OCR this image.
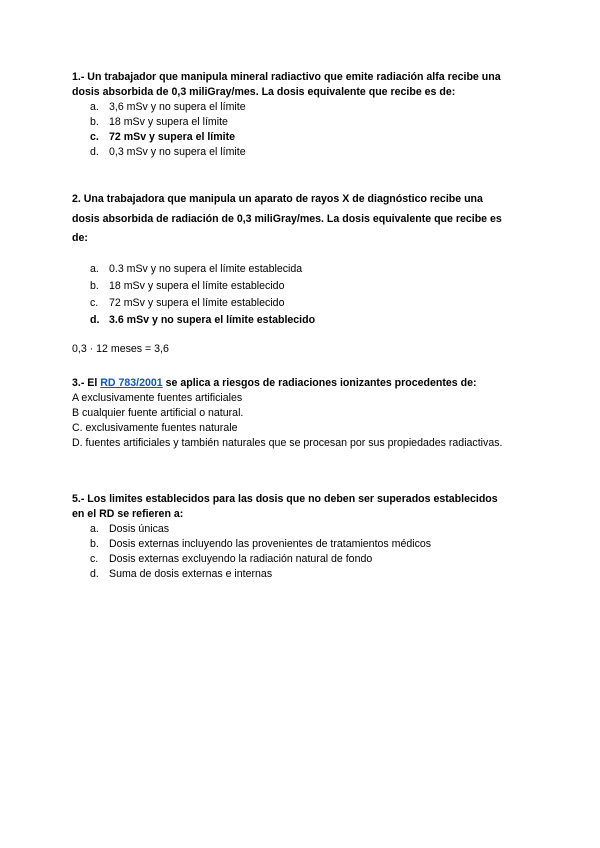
1.- Un trabajador que manipula mineral radiactivo que emite radiación alfa recibe una
dosis absorbida de 0,3 miliGray/mes. La dosis equivalente que recibe es de:

a. 3,6 mSv y no supera el límite
b. 18 mSv y supera el límite
c. 72 mSv y supera el límite
d. 0,3 mSv y no supera el límite

2. Una trabajadora que manipula un aparato de rayos X de diagnóstico recibe una
dosis absorbida de radiación de 0,3 miliGray/mes. La dosis equivalente que recibe es
de:

a. 0.3 mSv y no supera el límite establecida
b. 18 mSv y supera el límite establecido
c. 72 mSv y supera el límite establecido
d. 3.6 mSv y no supera el límite establecido

0,3 · 12 meses = 3,6

3.- El RD 783/2001 se aplica a riesgos de radiaciones ionizantes procedentes de:

A exclusivamente fuentes artificiales

B cualquier fuente artificial o natural.

C. exclusivamente fuentes naturale

D. fuentes artificiales y también naturales que se procesan por sus propiedades radiactivas.

5.- Los limites establecidos para las dosis que no deben ser superados establecidos
en el RD se refieren a:

a. Dosis únicas
b. Dosis externas incluyendo las provenientes de tratamientos médicos
c. Dosis externas excluyendo la radiación natural de fondo
d. Suma de dosis externas e internas
